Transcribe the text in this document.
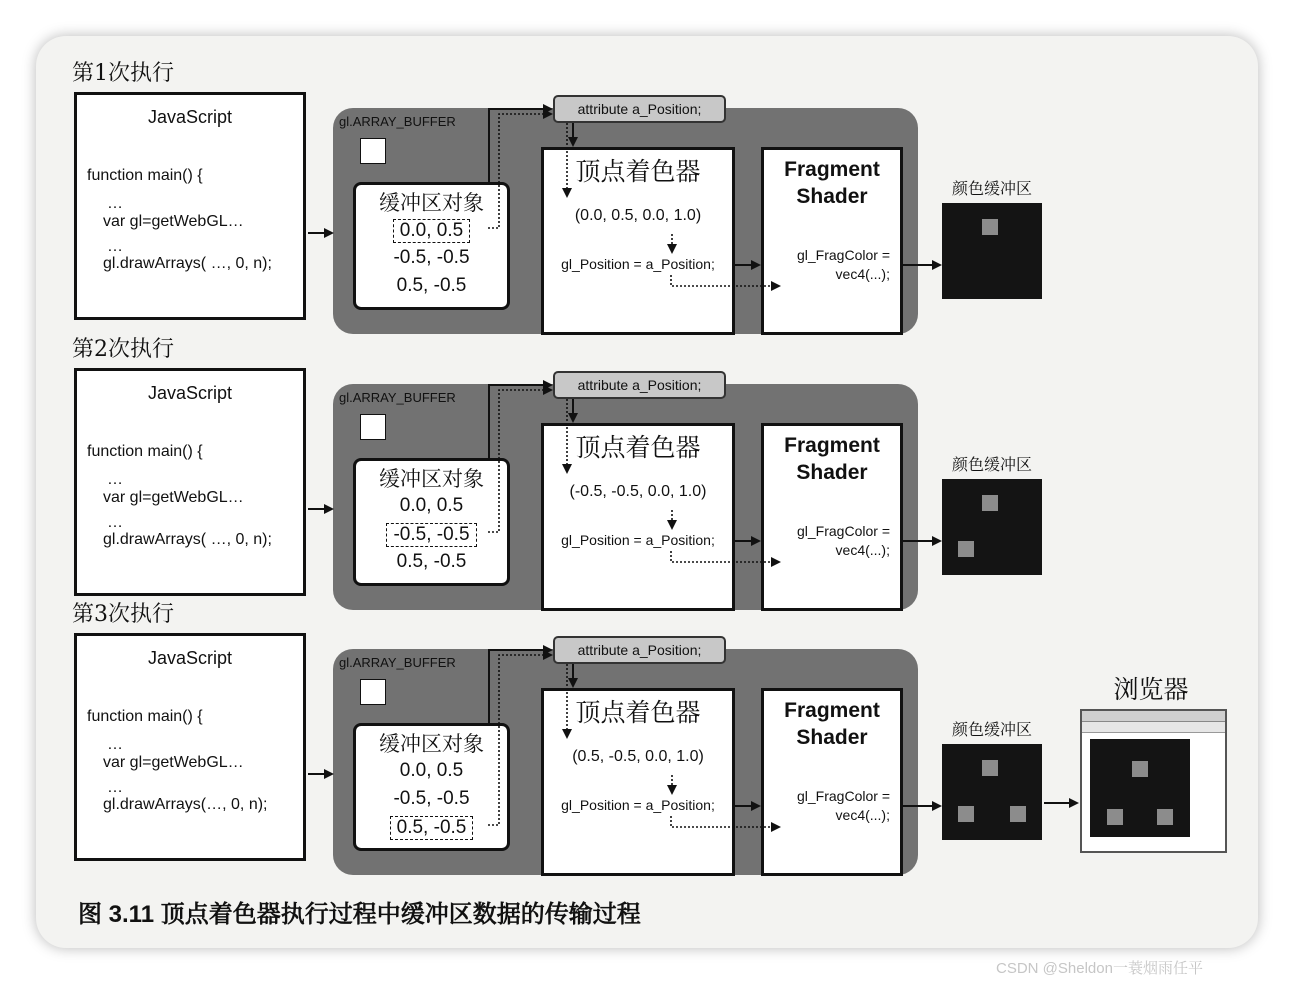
第1次执行
JavaScript
function main() {
…
var gl=getWebGL…
…
gl.drawArrays( …, 0, n);
gl.ARRAY_BUFFER
缓冲区对象
0.0, 0.5
-0.5, -0.5
0.5, -0.5
attribute a_Position;
顶点着色器
(0.0, 0.5, 0.0, 1.0)
gl_Position = a_Position;
Fragment
Shader
gl_FragColor =
vec4(...);
颜色缓冲区
第2次执行
JavaScript
function main() {
…
var gl=getWebGL…
…
gl.drawArrays( …, 0, n);
gl.ARRAY_BUFFER
缓冲区对象
0.0, 0.5
-0.5, -0.5
0.5, -0.5
attribute a_Position;
顶点着色器
(-0.5, -0.5, 0.0, 1.0)
gl_Position = a_Position;
Fragment
Shader
gl_FragColor =
vec4(...);
颜色缓冲区
第3次执行
JavaScript
function main() {
…
var gl=getWebGL…
…
gl.drawArrays(…, 0, n);
gl.ARRAY_BUFFER
缓冲区对象
0.0, 0.5
-0.5, -0.5
0.5, -0.5
attribute a_Position;
顶点着色器
(0.5, -0.5, 0.0, 1.0)
gl_Position = a_Position;
Fragment
Shader
gl_FragColor =
vec4(...);
颜色缓冲区
浏览器
图 3.11 顶点着色器执行过程中缓冲区数据的传输过程
CSDN @Sheldon一蓑烟雨任平
